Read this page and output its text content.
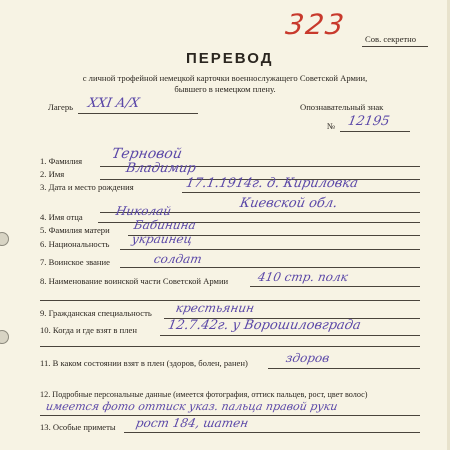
323 Сов. секретно
ПЕРЕВОД
с личной трофейной немецкой карточки военнослужащего Советской Армии,
бывшего в немецком плену.
Лагерь XXI А/Х	Опознавательный знак
№ 12195
1. Фамилия Терновой
2. Имя	Владимир
3. Дата и место рождения	17.1.1914г. д. Кириловка
Киевской обл.
4. Имя отца	Николай
5. Фамилия матери Бабинина
6. Национальность украинец
7. Воинское звание	солдат
8. Наименование воинской части Советской Армии 410 стр. полк
9. Гражданская специальность крестьянин
10. Когда и где взят в плен 12.7.42г. у Ворошиловграда
11. В каком состоянии взят в плен (здоров, болен, ранен)	здоров
12. Подробные персональные данные (имеется фотография, оттиск пальцев, рост, цвет волос)
имеется фото оттиск указ. пальца правой руки
13. Особые приметы рост 184, шатен
